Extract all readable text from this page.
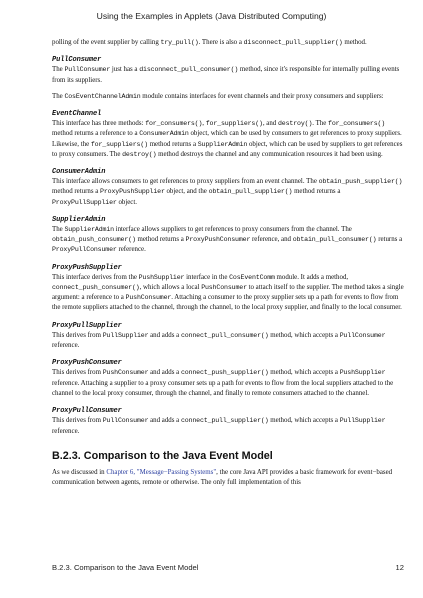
Using the Examples in Applets (Java Distributed Computing)

polling of the event supplier by calling try_pull(). There is also a disconnect_pull_supplier() method.

PullConsumer

The PullConsumer just has a disconnect_pull_consumer() method, since it's responsible for internally pulling events from its suppliers.

The CosEventChannelAdmin module contains interfaces for event channels and their proxy consumers and suppliers:

EventChannel

This interface has three methods: for_consumers(), for_suppliers(), and destroy(). The for_consumers() method returns a reference to a ConsumerAdmin object, which can be used by consumers to get references to proxy suppliers. Likewise, the for_suppliers() method returns a SupplierAdmin object, which can be used by suppliers to get references to proxy consumers. The destroy() method destroys the channel and any communication resources it had been using.

ConsumerAdmin

This interface allows consumers to get references to proxy suppliers from an event channel. The obtain_push_supplier() method returns a ProxyPushSupplier object, and the obtain_pull_supplier() method returns a ProxyPullSupplier object.

SupplierAdmin

The SupplierAdmin interface allows suppliers to get references to proxy consumers from the channel. The obtain_push_consumer() method returns a ProxyPushConsumer reference, and obtain_pull_consumer() returns a ProxyPullConsumer reference.

ProxyPushSupplier

This interface derives from the PushSupplier interface in the CosEventComm module. It adds a method, connect_push_consumer(), which allows a local PushConsumer to attach itself to the supplier. The method takes a single argument: a reference to a PushConsumer. Attaching a consumer to the proxy supplier sets up a path for events to flow from the remote suppliers attached to the channel, through the channel, to the local proxy supplier, and finally to the local consumer.

ProxyPullSupplier

This derives from PullSupplier and adds a connect_pull_consumer() method, which accepts a PullConsumer reference.

ProxyPushConsumer

This derives from PushConsumer and adds a connect_push_supplier() method, which accepts a PushSupplier reference. Attaching a supplier to a proxy consumer sets up a path for events to flow from the local suppliers attached to the channel to the local proxy consumer, through the channel, and finally to remote consumers attached to the channel.

ProxyPullConsumer

This derives from PullConsumer and adds a connect_pull_supplier() method, which accepts a PullSupplier reference.

B.2.3. Comparison to the Java Event Model

As we discussed in Chapter 6, "Message−Passing Systems", the core Java API provides a basic framework for event−based communication between agents, remote or otherwise. The only full implementation of this

B.2.3. Comparison to the Java Event Model	12
